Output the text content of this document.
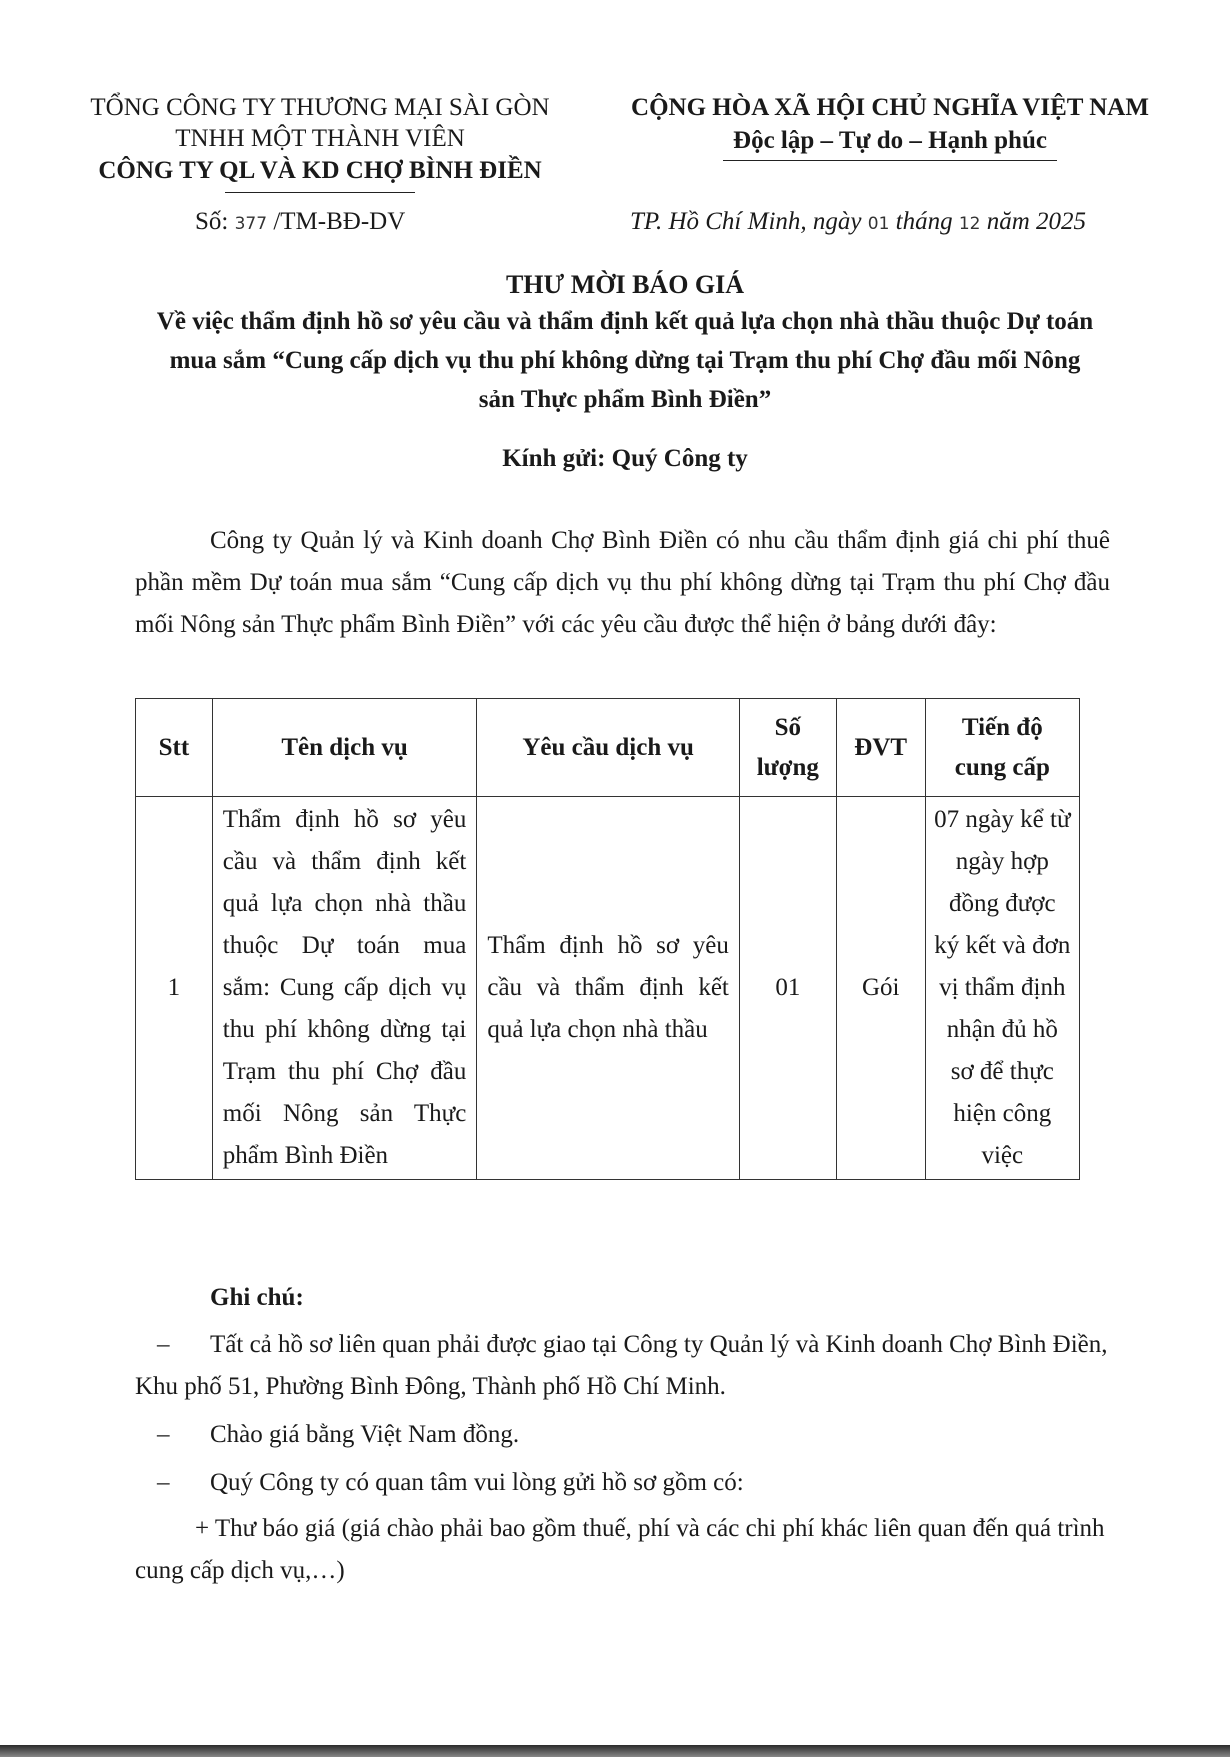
TỔNG CÔNG TY THƯƠNG MẠI SÀI GÒN
TNHH MỘT THÀNH VIÊN
CÔNG TY QL VÀ KD CHỢ BÌNH ĐIỀN
CỘNG HÒA XÃ HỘI CHỦ NGHĨA VIỆT NAM
Độc lập – Tự do – Hạnh phúc
Số: 377 /TM-BĐ-DV	TP. Hồ Chí Minh, ngày 01 tháng 12 năm 2025
THƯ MỜI BÁO GIÁ
Về việc thẩm định hồ sơ yêu cầu và thẩm định kết quả lựa chọn nhà thầu thuộc Dự toán mua sắm “Cung cấp dịch vụ thu phí không dừng tại Trạm thu phí Chợ đầu mối Nông sản Thực phẩm Bình Điền”
Kính gửi: Quý Công ty
Công ty Quản lý và Kinh doanh Chợ Bình Điền có nhu cầu thẩm định giá chi phí thuê phần mềm Dự toán mua sắm “Cung cấp dịch vụ thu phí không dừng tại Trạm thu phí Chợ đầu mối Nông sản Thực phẩm Bình Điền” với các yêu cầu được thể hiện ở bảng dưới đây:
Stt	Tên dịch vụ	Yêu cầu dịch vụ	Số lượng	ĐVT	Tiến độ cung cấp
1	Thẩm định hồ sơ yêu cầu và thẩm định kết quả lựa chọn nhà thầu thuộc Dự toán mua sắm: Cung cấp dịch vụ thu phí không dừng tại Trạm thu phí Chợ đầu mối Nông sản Thực phẩm Bình Điền	Thẩm định hồ sơ yêu cầu và thẩm định kết quả lựa chọn nhà thầu	01	Gói	07 ngày kể từ ngày hợp đồng được ký kết và đơn vị thẩm định nhận đủ hồ sơ để thực hiện công việc
Ghi chú:
– Tất cả hồ sơ liên quan phải được giao tại Công ty Quản lý và Kinh doanh Chợ Bình Điền, Khu phố 51, Phường Bình Đông, Thành phố Hồ Chí Minh.
– Chào giá bằng Việt Nam đồng.
– Quý Công ty có quan tâm vui lòng gửi hồ sơ gồm có:
+ Thư báo giá (giá chào phải bao gồm thuế, phí và các chi phí khác liên quan đến quá trình cung cấp dịch vụ,…)
